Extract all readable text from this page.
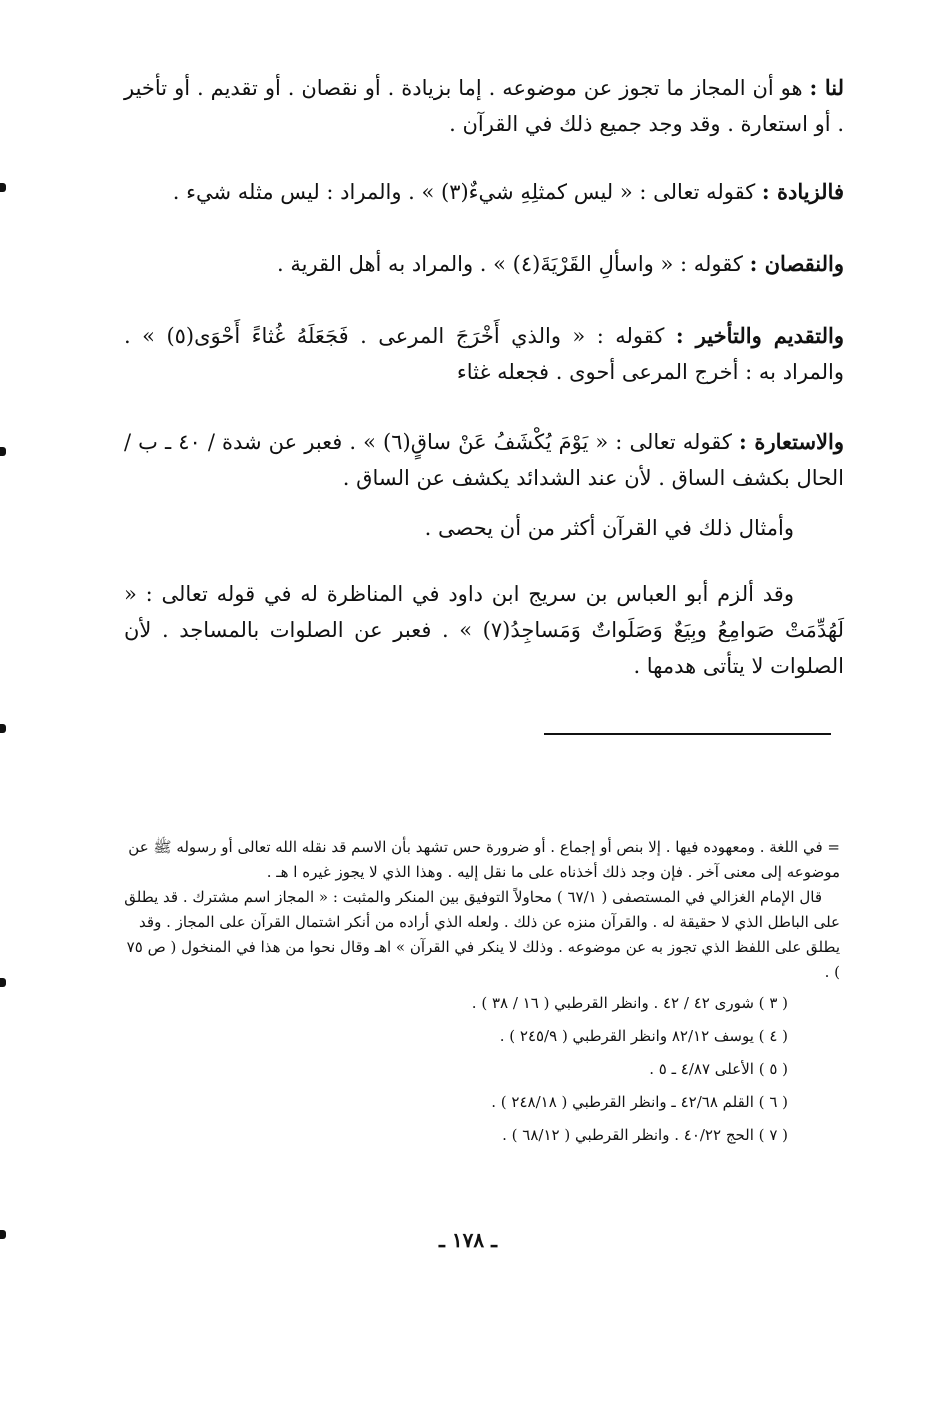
لنا : هو أن المجاز ما تجوز عن موضوعه . إما بزيادة . أو نقصان . أو تقديم . أو تأخير . أو استعارة . وقد وجد جميع ذلك في القرآن .

فالزيادة : كقوله تعالى : « ليس كمثلِهِ شيءٌ(٣) » . والمراد : ليس مثله شيء .

والنقصان : كقوله : « واسألِ القَرْيَةَ(٤) » . والمراد به أهل القرية .

والتقديم والتأخير : كقوله : « والذي أَخْرَجَ المرعى . فَجَعَلَهُ غُثاءً أَحْوَى(٥) » . والمراد به : أخرج المرعى أحوى . فجعله غثاء

والاستعارة : كقوله تعالى : « يَوْمَ يُكْشَفُ عَنْ ساقٍ(٦) » . فعبر عن شدة / ٤٠ ـ ب / الحال بكشف الساق . لأن عند الشدائد يكشف عن الساق .

وأمثال ذلك في القرآن أكثر من أن يحصى .

وقد ألزم أبو العباس بن سريج ابن داود في المناظرة له في قوله تعالى : « لَهُدِّمَتْ صَوامِعُ وبِيَعٌ وَصَلَواتٌ وَمَساجِدُ(٧) » . فعبر عن الصلوات بالمساجد . لأن الصلوات لا يتأتى هدمها .

= في اللغة . ومعهوده فيها . إلا بنص أو إجماع . أو ضرورة حس تشهد بأن الاسم قد نقله الله تعالى أو رسوله ﷺ عن موضوعه إلى معنى آخر . فإن وجد ذلك أخذناه على ما نقل إليه . وهذا الذي لا يجوز غيره ا هـ .

قال الإمام الغزالي في المستصفى ( ٦٧/١ ) محاولاً التوفيق بين المنكر والمثبت : « المجاز اسم مشترك . قد يطلق على الباطل الذي لا حقيقة له . والقرآن منزه عن ذلك . ولعله الذي أراده من أنكر اشتمال القرآن على المجاز . وقد يطلق على اللفظ الذي تجوز به عن موضوعه . وذلك لا ينكر في القرآن » اهـ وقال نحوا من هذا في المنخول ( ص ٧٥ ) .

( ٣ ) شورى ٤٢ / ٤٢ . وانظر القرطبي ( ١٦ / ٣٨ ) .

( ٤ ) يوسف ٨٢/١٢ وانظر القرطبي ( ٢٤٥/٩ ) .

( ٥ ) الأعلى ٤/٨٧ ـ ٥ .

( ٦ ) القلم ٤٢/٦٨ ـ وانظر القرطبي ( ٢٤٨/١٨ ) .

( ٧ ) الحج ٤٠/٢٢ . وانظر القرطبي ( ٦٨/١٢ ) .

ـ ١٧٨ ـ
